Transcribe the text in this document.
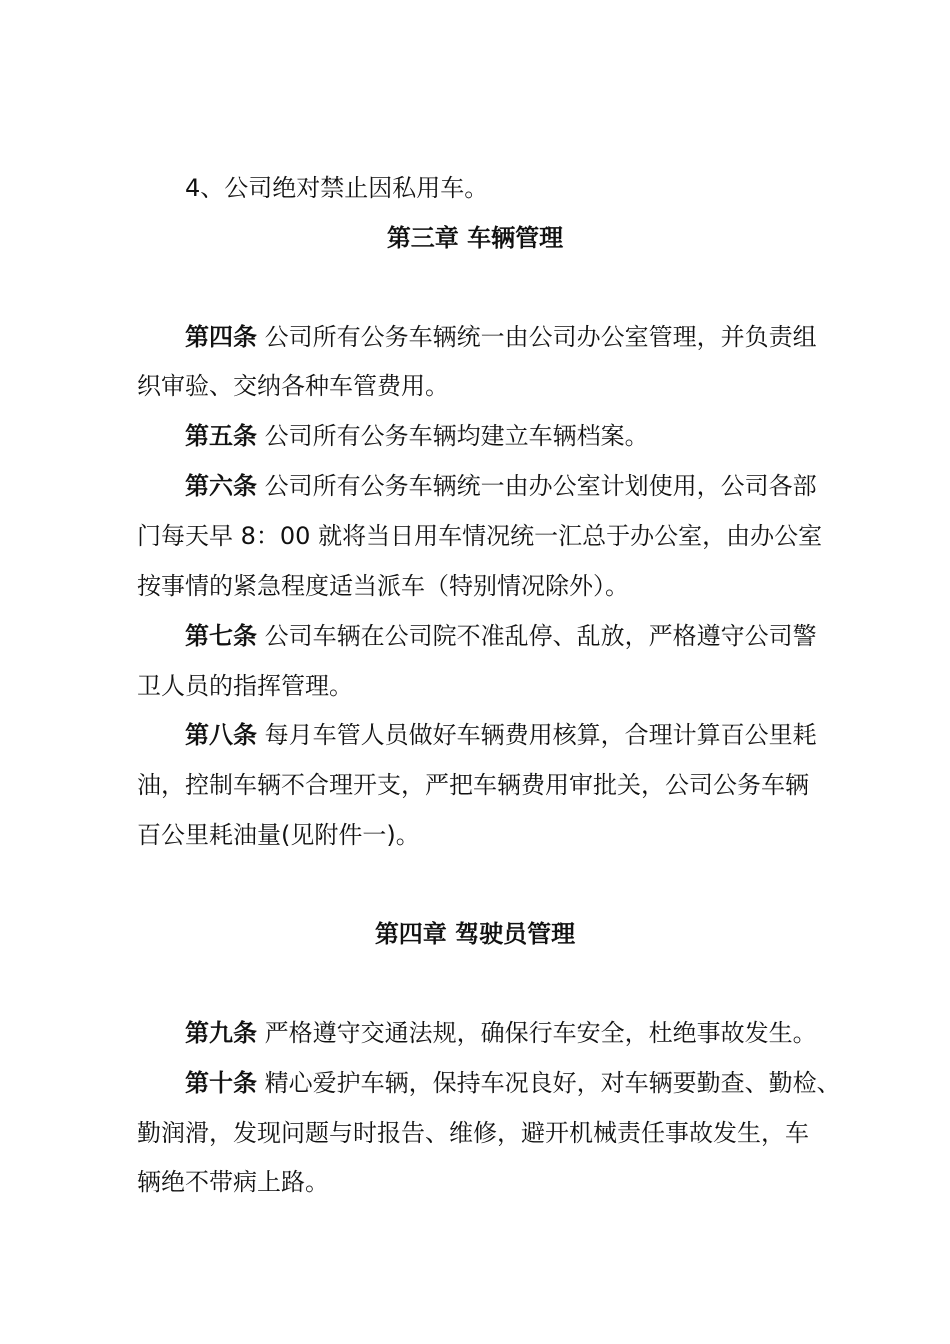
4、公司绝对禁止因私用车。

第三章 车辆管理

第四条 公司所有公务车辆统一由公司办公室管理，并负责组

织审验、交纳各种车管费用。

第五条 公司所有公务车辆均建立车辆档案。

第六条 公司所有公务车辆统一由办公室计划使用，公司各部

门每天早 8：00 就将当日用车情况统一汇总于办公室，由办公室

按事情的紧急程度适当派车（特别情况除外）。

第七条 公司车辆在公司院不准乱停、乱放，严格遵守公司警

卫人员的指挥管理。

第八条 每月车管人员做好车辆费用核算，合理计算百公里耗

油，控制车辆不合理开支，严把车辆费用审批关，公司公务车辆

百公里耗油量(见附件一)。

第四章 驾驶员管理

第九条 严格遵守交通法规，确保行车安全，杜绝事故发生。

第十条 精心爱护车辆，保持车况良好，对车辆要勤查、勤检、

勤润滑，发现问题与时报告、维修，避开机械责任事故发生，车

辆绝不带病上路。
